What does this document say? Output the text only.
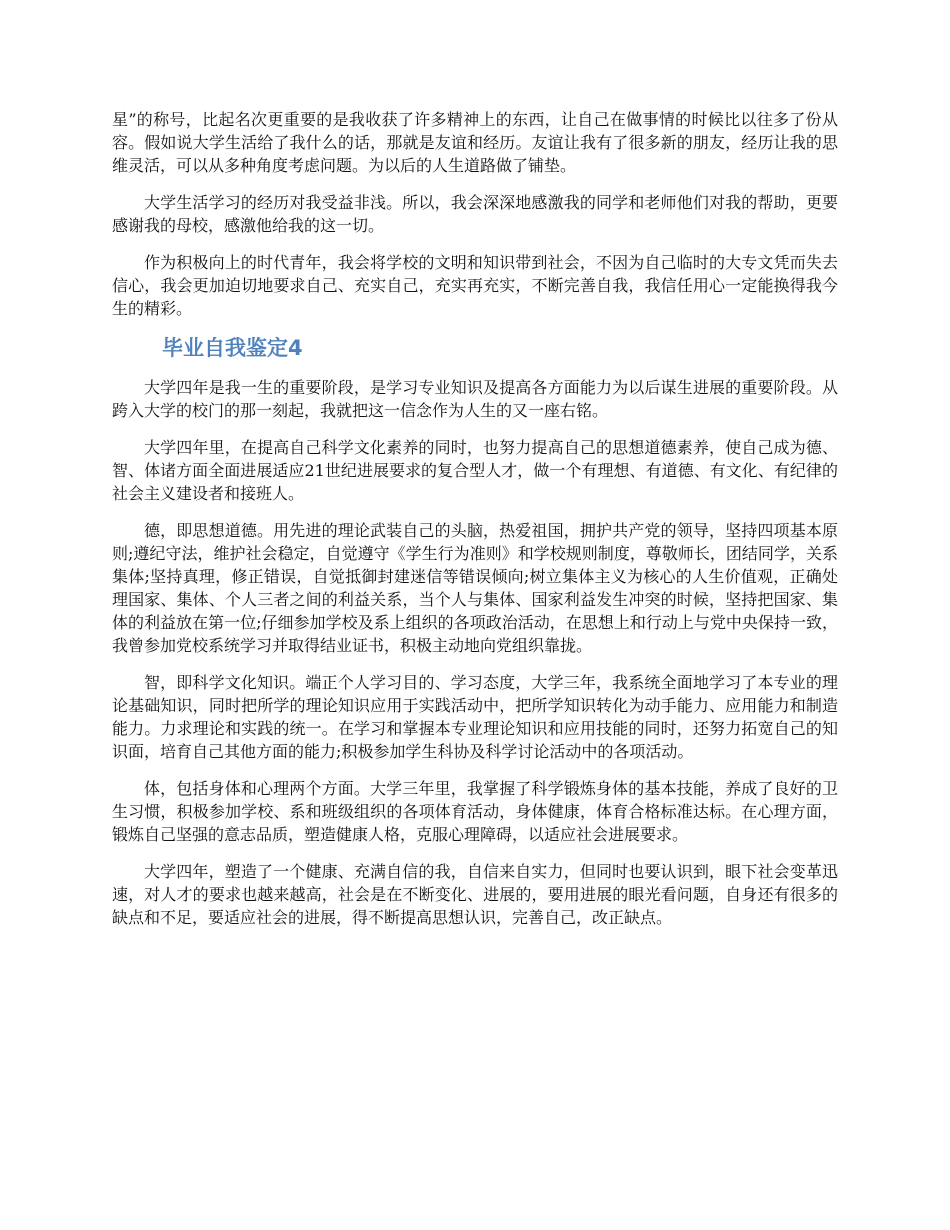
星”的称号，比起名次更重要的是我收获了许多精神上的东西，让自己在做事情的时候比以往多了份从容。假如说大学生活给了我什么的话，那就是友谊和经历。友谊让我有了很多新的朋友，经历让我的思维灵活，可以从多种角度考虑问题。为以后的人生道路做了铺垫。

大学生活学习的经历对我受益非浅。所以，我会深深地感激我的同学和老师他们对我的帮助，更要感谢我的母校，感激他给我的这一切。

作为积极向上的时代青年，我会将学校的文明和知识带到社会，不因为自己临时的大专文凭而失去信心，我会更加迫切地要求自己、充实自己，充实再充实，不断完善自我，我信任用心一定能换得我今生的精彩。

毕业自我鉴定4

大学四年是我一生的重要阶段，是学习专业知识及提高各方面能力为以后谋生进展的重要阶段。从跨入大学的校门的那一刻起，我就把这一信念作为人生的又一座右铭。

大学四年里，在提高自己科学文化素养的同时，也努力提高自己的思想道德素养，使自己成为德、智、体诸方面全面进展适应21世纪进展要求的复合型人才，做一个有理想、有道德、有文化、有纪律的社会主义建设者和接班人。

德，即思想道德。用先进的理论武装自己的头脑，热爱祖国，拥护共产党的领导，坚持四项基本原则;遵纪守法，维护社会稳定，自觉遵守《学生行为准则》和学校规则制度，尊敬师长，团结同学，关系集体;坚持真理，修正错误，自觉抵御封建迷信等错误倾向;树立集体主义为核心的人生价值观，正确处理国家、集体、个人三者之间的利益关系，当个人与集体、国家利益发生冲突的时候，坚持把国家、集体的利益放在第一位;仔细参加学校及系上组织的各项政治活动，在思想上和行动上与党中央保持一致，我曾参加党校系统学习并取得结业证书，积极主动地向党组织靠拢。

智，即科学文化知识。端正个人学习目的、学习态度，大学三年，我系统全面地学习了本专业的理论基础知识，同时把所学的理论知识应用于实践活动中，把所学知识转化为动手能力、应用能力和制造能力。力求理论和实践的统一。在学习和掌握本专业理论知识和应用技能的同时，还努力拓宽自己的知识面，培育自己其他方面的能力;积极参加学生科协及科学讨论活动中的各项活动。

体，包括身体和心理两个方面。大学三年里，我掌握了科学锻炼身体的基本技能，养成了良好的卫生习惯，积极参加学校、系和班级组织的各项体育活动，身体健康，体育合格标准达标。在心理方面，锻炼自己坚强的意志品质，塑造健康人格，克服心理障碍，以适应社会进展要求。

大学四年，塑造了一个健康、充满自信的我，自信来自实力，但同时也要认识到，眼下社会变革迅速，对人才的要求也越来越高，社会是在不断变化、进展的，要用进展的眼光看问题，自身还有很多的缺点和不足，要适应社会的进展，得不断提高思想认识，完善自己，改正缺点。
